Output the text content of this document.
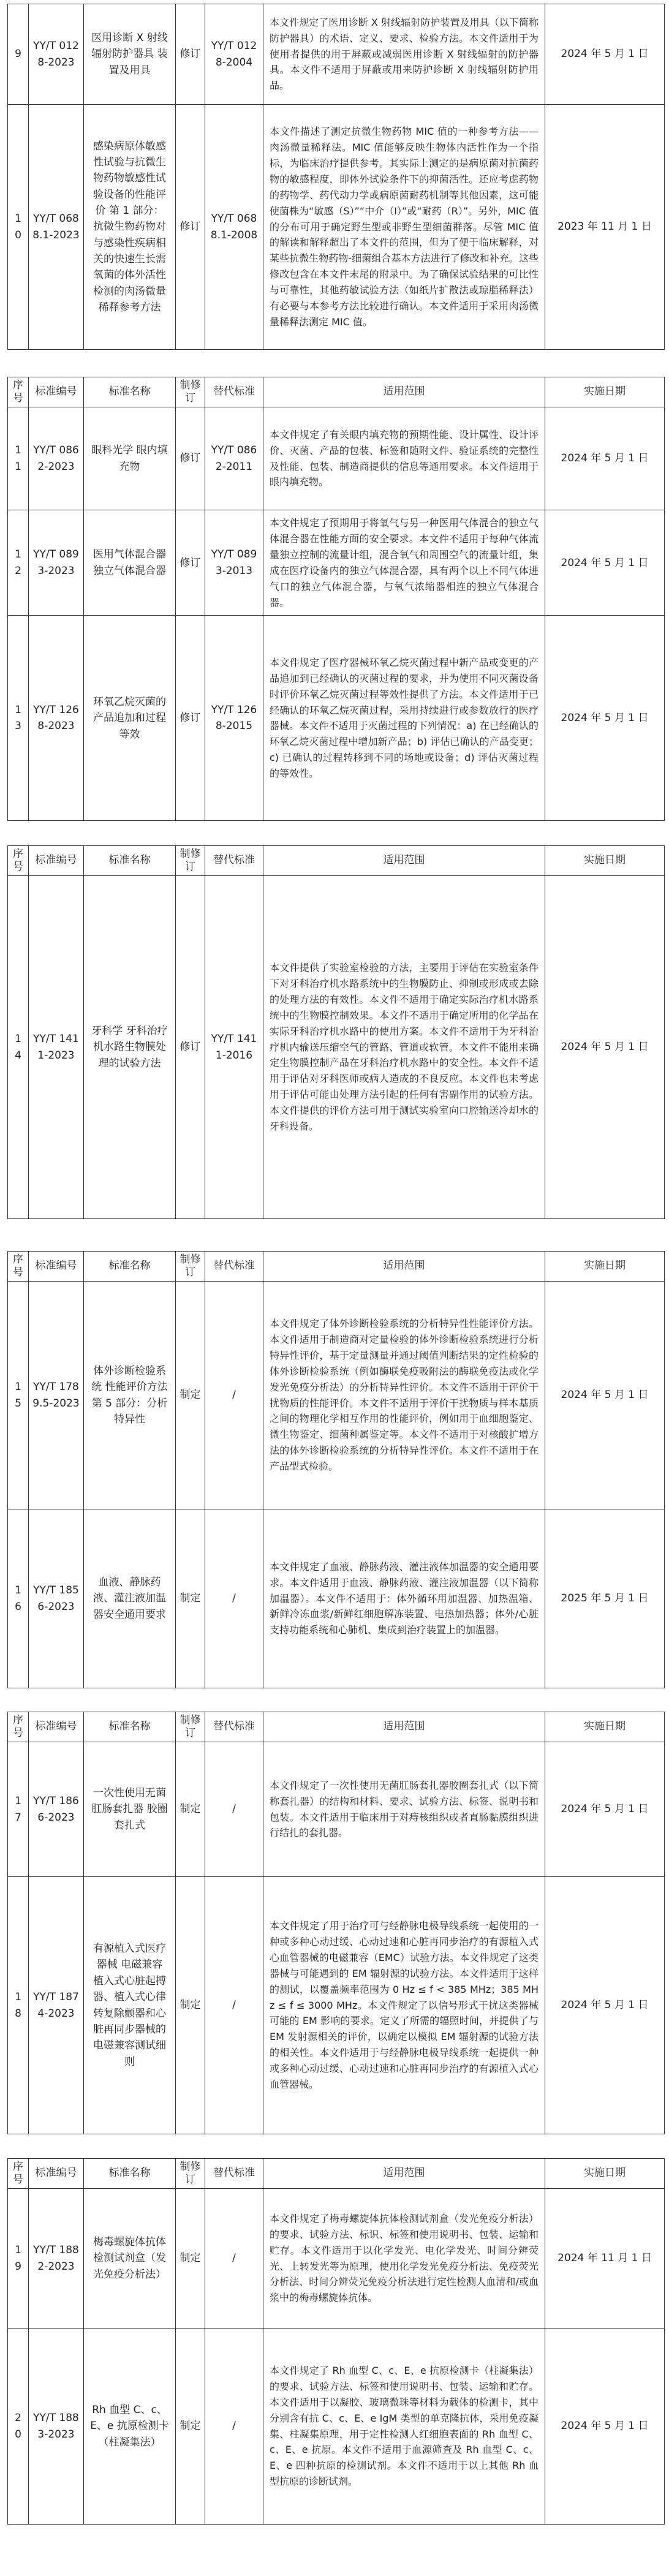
9	YY/T 0128-2023	医用诊断 X 射线辐射防护器具 装置及用具	修订	YY/T 0128-2004	本文件规定了医用诊断 X 射线辐射防护装置及用具（以下简称防护器具）的术语、定义、要求、检验方法。本文件适用于为使用者提供的用于屏蔽或减弱医用诊断 X 射线辐射的防护器具。本文件不适用于屏蔽或用来防护诊断 X 射线辐射防护用品。	2024 年 5 月 1 日
10	YY/T 0688.1-2023	感染病原体敏感性试验与抗微生物药物敏感性试验设备的性能评价 第 1 部分：抗微生物药物对与感染性疾病相关的快速生长需氧菌的体外活性检测的肉汤微量稀释参考方法	修订	YY/T 0688.1-2008	本文件描述了测定抗微生物药物 MIC 值的一种参考方法——肉汤微量稀释法。MIC 值能够反映生物体内活性作为一个指标，为临床治疗提供参考。其实际上测定的是病原菌对抗菌药物的敏感程度，即体外试验条件下的抑菌活性。还应考虑药物的药物学、药代动力学或病原菌耐药机制等其他因素，这可能使菌株为“敏感（S）”“中介（I）”或“耐药（R）”。另外，MIC 值的分布可用于确定野生型或非野生型细菌群落。尽管 MIC 值的解读和解释超出了本文件的范围，但为了便于临床解释，对某些抗微生物药物-细菌组合基本方法进行了修改和补充。这些修改包含在本文件末尾的附录中。为了确保试验结果的可比性与可靠性，其他药敏试验方法（如纸片扩散法或琼脂稀释法）有必要与本参考方法比较进行确认。本文件适用于采用肉汤微量稀释法测定 MIC 值。	2023 年 11 月 1 日
序号	标准编号	标准名称	制修订	替代标准	适用范围	实施日期
11	YY/T 0862-2023	眼科光学 眼内填充物	修订	YY/T 0862-2011	本文件规定了有关眼内填充物的预期性能、设计属性、设计评价、灭菌、产品的包装、标签和随附文件、验证系统的完整性及性能、包装、制造商提供的信息等通用要求。本文件适用于眼内填充物。	2024 年 5 月 1 日
12	YY/T 0893-2023	医用气体混合器 独立气体混合器	修订	YY/T 0893-2013	本文件规定了预期用于将氧气与另一种医用气体混合的独立气体混合器在性能方面的安全要求。本文件不适用于每种气体流量独立控制的流量计组，混合氧气和周围空气的流量计组，集成在医疗设备内的独立气体混合器，具有两个以上不同气体进气口的独立气体混合器，与氧气浓缩器相连的独立气体混合器。	2024 年 5 月 1 日
13	YY/T 1268-2023	环氧乙烷灭菌的产品追加和过程等效	修订	YY/T 1268-2015	本文件规定了医疗器械环氧乙烷灭菌过程中新产品或变更的产品追加到已经确认的灭菌过程的要求，并为使用不同灭菌设备时评价环氧乙烷灭菌过程等效性提供了方法。本文件适用于已经确认的环氧乙烷灭菌过程，采用持续进行或参数放行的医疗器械。本文件不适用于灭菌过程的下列情况：a) 在已经确认的环氧乙烷灭菌过程中增加新产品；b) 评估已确认的产品变更；c) 已确认的过程转移到不同的场地或设备；d) 评估灭菌过程的等效性。	2024 年 5 月 1 日
序号	标准编号	标准名称	制修订	替代标准	适用范围	实施日期
14	YY/T 1411-2023	牙科学 牙科治疗机水路生物膜处理的试验方法	修订	YY/T 1411-2016	本文件提供了实验室检验的方法，主要用于评估在实验室条件下对牙科治疗机水路系统中的生物膜防止、抑制或形成或去除的处理方法的有效性。本文件不适用于确定实际治疗机水路系统中的生物膜控制效果。本文件不适用于确定所用的化学品在实际牙科治疗机水路中的使用方案。本文件不适用于为牙科治疗机内输送压缩空气的管路、管道或软管。本文件不能用来确定生物膜控制产品在牙科治疗机水路中的安全性。本文件不适用于评估对牙科医师或病人造成的不良反应。本文件也未考虑用于评估可能由处理方法引起的任何有害副作用的试验方法。本文件提供的评价方法可用于测试实验室向口腔输送冷却水的牙科设备。	2024 年 5 月 1 日
序号	标准编号	标准名称	制修订	替代标准	适用范围	实施日期
15	YY/T 1789.5-2023	体外诊断检验系统 性能评价方法 第 5 部分：分析特异性	制定	/	本文件规定了体外诊断检验系统的分析特异性性能评价方法。本文件适用于制造商对定量检验的体外诊断检验系统进行分析特异性评价，基于定量测量并通过阈值判断结果的定性检验的体外诊断检验系统（例如酶联免疫吸附法的酶联免疫法或化学发光免疫分析法）的分析特异性评价。本文件不适用于评价干扰物质的性能评价。本文件不适用于评价干扰物质与样本基质之间的物理化学相互作用的性能评价，例如用于血细胞鉴定、微生物鉴定、细菌种属鉴定等。本文件不适用于对核酸扩增方法的体外诊断检验系统的分析特异性评价。本文件不适用于在产品型式检验。	2024 年 5 月 1 日
16	YY/T 1856-2023	血液、静脉药液、灌注液加温器安全通用要求	制定	/	本文件规定了血液、静脉药液、灌注液体加温器的安全通用要求。本文件适用于血液、静脉药液、灌注液加温器（以下简称加温器）。本文件不适用于：体外循环用加温器、加热温箱、新鲜冷冻血浆/新鲜红细胞解冻装置、电热加热器；体外/心脏支持功能系统和心肺机、集成到治疗装置上的加温器。	2025 年 5 月 1 日
序号	标准编号	标准名称	制修订	替代标准	适用范围	实施日期
17	YY/T 1866-2023	一次性使用无菌肛肠套扎器 胶圈套扎式	制定	/	本文件规定了一次性使用无菌肛肠套扎器胶圈套扎式（以下简称套扎器）的结构和材料、要求、试验方法、标签、说明书和包装。本文件适用于临床用于对痔核组织或者直肠黏膜组织进行结扎的套扎器。	2024 年 5 月 1 日
18	YY/T 1874-2023	有源植入式医疗器械 电磁兼容 植入式心脏起搏器、植入式心律转复除颤器和心脏再同步器械的电磁兼容测试细则	制定	/	本文件规定了用于治疗可与经静脉电极导线系统一起使用的一种或多种心动过缓、心动过速和心脏再同步治疗的有源植入式心血管器械的电磁兼容（EMC）试验方法。本文件规定了这类器械与可能遇到的 EM 辐射源的试验方法。本文件适用于这样的测试，以覆盖频率范围为 0 Hz ≤ f < 385 MHz；385 MHz ≤ f ≤ 3000 MHz。本文件规定了以信号形式干扰这类器械可能的 EM 影响的要求。定义了所需的辐照时间，并提供了与 EM 发射源相关的评价，以确定以模拟 EM 辐射源的试验方法的相关性。本文件适用于与经静脉电极导线系统一起提供一种或多种心动过缓、心动过速和心脏再同步治疗的有源植入式心血管器械。	2024 年 5 月 1 日
序号	标准编号	标准名称	制修订	替代标准	适用范围	实施日期
19	YY/T 1882-2023	梅毒螺旋体抗体检测试剂盒（发光免疫分析法）	制定	/	本文件规定了梅毒螺旋体抗体检测试剂盒（发光免疫分析法）的要求、试验方法、标识、标签和使用说明书、包装、运输和贮存。本文件适用于以化学发光、电化学发光、时间分辨荧光、上转发光等为原理，使用化学发光免疫分析法、免疫荧光分析法、时间分辨荧光免疫分析法进行定性检测人血清和/或血浆中的梅毒螺旋体抗体。	2024 年 11 月 1 日
20	YY/T 1883-2023	Rh 血型 C、c、E、e 抗原检测卡（柱凝集法）	制定	/	本文件规定了 Rh 血型 C、c、E、e 抗原检测卡（柱凝集法）的要求、试验方法、标签和使用说明书、包装、运输和贮存。本文件适用于以凝胶、玻璃微珠等材料为载体的检测卡，其中分别含有抗 C、c、E、e IgM 类型的单克隆抗体，采用免疫凝集、柱凝集原理，用于定性检测人红细胞表面的 Rh 血型 C、c、E、e 抗原。本文件不适用于血源筛查及 Rh 血型 C、c、E、e 四种抗原的检测试剂。本文件不适用于以上其他 Rh 血型抗原的诊断试剂。	2024 年 5 月 1 日
